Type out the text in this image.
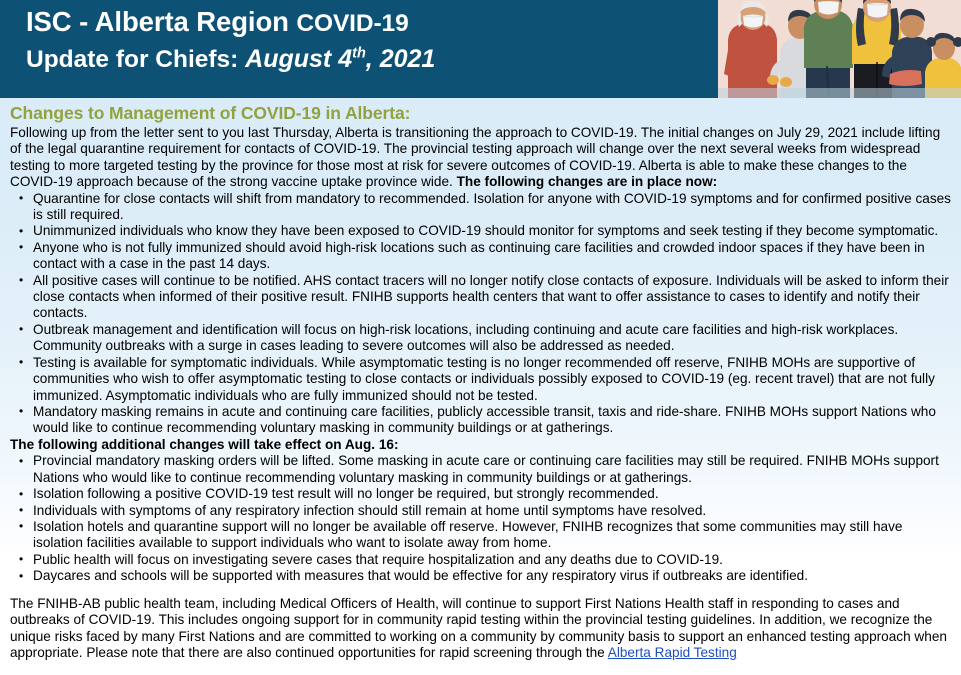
ISC - Alberta Region COVID-19
Update for Chiefs: August 4th, 2021
Changes to Management of COVID-19 in Alberta:

Following up from the letter sent to you last Thursday, Alberta is transitioning the approach to COVID-19. The initial changes on July 29, 2021 include lifting of the legal quarantine requirement for contacts of COVID-19. The provincial testing approach will change over the next several weeks from widespread testing to more targeted testing by the province for those most at risk for severe outcomes of COVID-19. Alberta is able to make these changes to the COVID-19 approach because of the strong vaccine uptake province wide. The following changes are in place now:

• Quarantine for close contacts will shift from mandatory to recommended. Isolation for anyone with COVID-19 symptoms and for confirmed positive cases is still required.
• Unimmunized individuals who know they have been exposed to COVID-19 should monitor for symptoms and seek testing if they become symptomatic.
• Anyone who is not fully immunized should avoid high-risk locations such as continuing care facilities and crowded indoor spaces if they have been in contact with a case in the past 14 days.
• All positive cases will continue to be notified. AHS contact tracers will no longer notify close contacts of exposure. Individuals will be asked to inform their close contacts when informed of their positive result. FNIHB supports health centers that want to offer assistance to cases to identify and notify their contacts.
• Outbreak management and identification will focus on high-risk locations, including continuing and acute care facilities and high-risk workplaces. Community outbreaks with a surge in cases leading to severe outcomes will also be addressed as needed.
• Testing is available for symptomatic individuals. While asymptomatic testing is no longer recommended off reserve, FNIHB MOHs are supportive of communities who wish to offer asymptomatic testing to close contacts or individuals possibly exposed to COVID-19 (eg. recent travel) that are not fully immunized. Asymptomatic individuals who are fully immunized should not be tested.
• Mandatory masking remains in acute and continuing care facilities, publicly accessible transit, taxis and ride-share. FNIHB MOHs support Nations who would like to continue recommending voluntary masking in community buildings or at gatherings.
The following additional changes will take effect on Aug. 16:
• Provincial mandatory masking orders will be lifted. Some masking in acute care or continuing care facilities may still be required. FNIHB MOHs support Nations who would like to continue recommending voluntary masking in community buildings or at gatherings.
• Isolation following a positive COVID-19 test result will no longer be required, but strongly recommended.
• Individuals with symptoms of any respiratory infection should still remain at home until symptoms have resolved.
• Isolation hotels and quarantine support will no longer be available off reserve. However, FNIHB recognizes that some communities may still have isolation facilities available to support individuals who want to isolate away from home.
• Public health will focus on investigating severe cases that require hospitalization and any deaths due to COVID-19.
• Daycares and schools will be supported with measures that would be effective for any respiratory virus if outbreaks are identified.

The FNIHB-AB public health team, including Medical Officers of Health, will continue to support First Nations Health staff in responding to cases and outbreaks of COVID-19. This includes ongoing support for in community rapid testing within the provincial testing guidelines. In addition, we recognize the unique risks faced by many First Nations and are committed to working on a community by community basis to support an enhanced testing approach when appropriate. Please note that there are also continued opportunities for rapid screening through the Alberta Rapid Testing
